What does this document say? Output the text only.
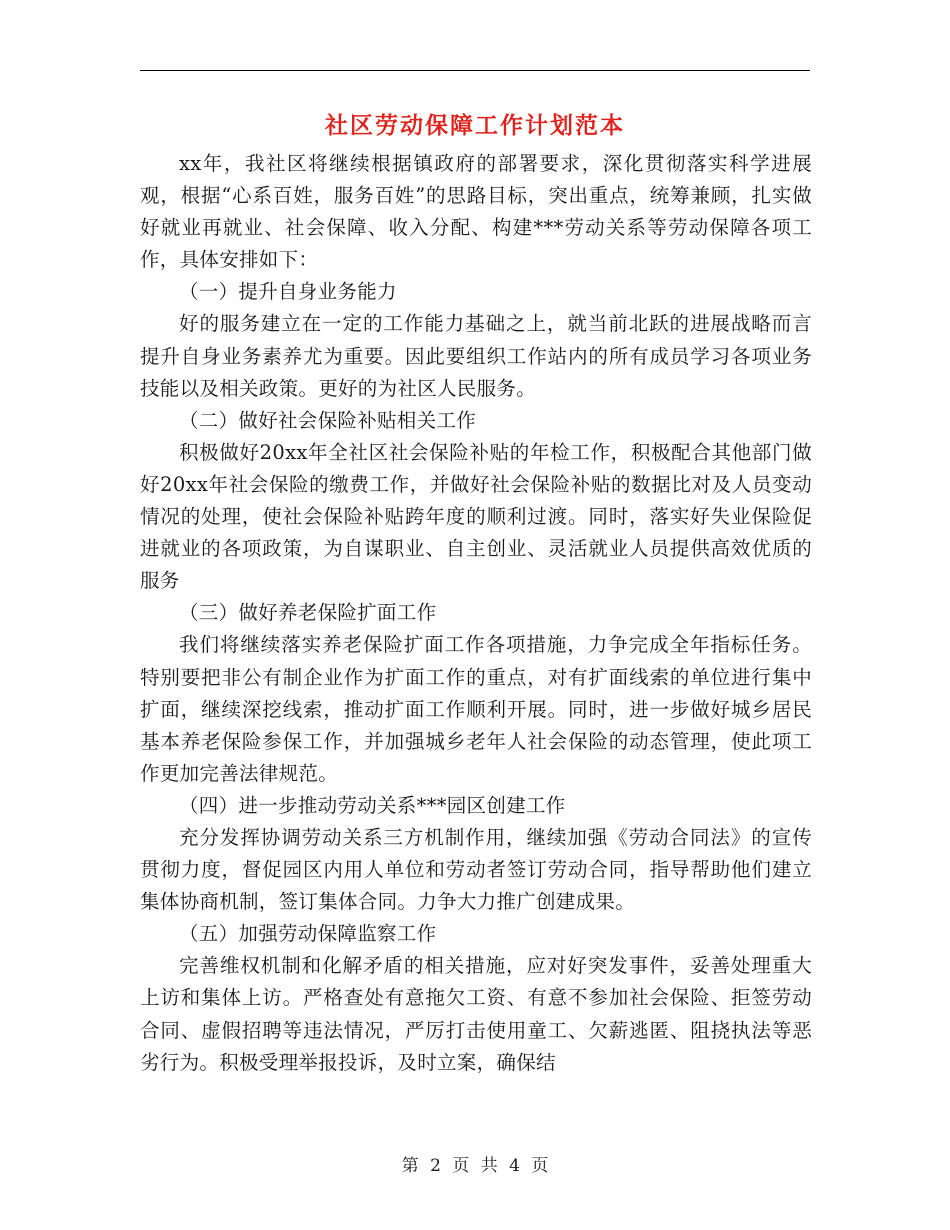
社区劳动保障工作计划范本

xx年，我社区将继续根据镇政府的部署要求，深化贯彻落实科学进展观，根据“心系百姓，服务百姓”的思路目标，突出重点，统筹兼顾，扎实做好就业再就业、社会保障、收入分配、构建***劳动关系等劳动保障各项工作，具体安排如下：

（一）提升自身业务能力

好的服务建立在一定的工作能力基础之上，就当前北跃的进展战略而言提升自身业务素养尤为重要。因此要组织工作站内的所有成员学习各项业务技能以及相关政策。更好的为社区人民服务。

（二）做好社会保险补贴相关工作

积极做好20xx年全社区社会保险补贴的年检工作，积极配合其他部门做好20xx年社会保险的缴费工作，并做好社会保险补贴的数据比对及人员变动情况的处理，使社会保险补贴跨年度的顺利过渡。同时，落实好失业保险促进就业的各项政策，为自谋职业、自主创业、灵活就业人员提供高效优质的服务

（三）做好养老保险扩面工作

我们将继续落实养老保险扩面工作各项措施，力争完成全年指标任务。特别要把非公有制企业作为扩面工作的重点，对有扩面线索的单位进行集中扩面，继续深挖线索，推动扩面工作顺利开展。同时，进一步做好城乡居民基本养老保险参保工作，并加强城乡老年人社会保险的动态管理，使此项工作更加完善法律规范。

（四）进一步推动劳动关系***园区创建工作

充分发挥协调劳动关系三方机制作用，继续加强《劳动合同法》的宣传贯彻力度，督促园区内用人单位和劳动者签订劳动合同，指导帮助他们建立集体协商机制，签订集体合同。力争大力推广创建成果。

（五）加强劳动保障监察工作

完善维权机制和化解矛盾的相关措施，应对好突发事件，妥善处理重大上访和集体上访。严格查处有意拖欠工资、有意不参加社会保险、拒签劳动合同、虚假招聘等违法情况，严厉打击使用童工、欠薪逃匿、阻挠执法等恶劣行为。积极受理举报投诉，及时立案，确保结

第 2 页 共 4 页
